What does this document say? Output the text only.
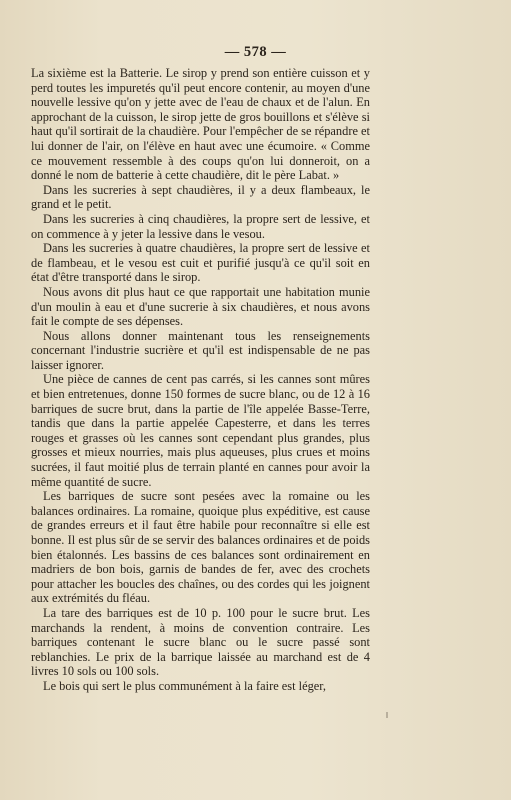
— 578 —

La sixième est la Batterie. Le sirop y prend son entière cuisson et y perd toutes les impuretés qu'il peut encore contenir, au moyen d'une nouvelle lessive qu'on y jette avec de l'eau de chaux et de l'alun. En approchant de la cuisson, le sirop jette de gros bouillons et s'élève si haut qu'il sortirait de la chaudière. Pour l'empêcher de se répandre et lui donner de l'air, on l'élève en haut avec une écumoire. « Comme ce mouvement ressemble à des coups qu'on lui donneroit, on a donné le nom de batterie à cette chaudière, dit le père Labat. »

Dans les sucreries à sept chaudières, il y a deux flambeaux, le grand et le petit.

Dans les sucreries à cinq chaudières, la propre sert de lessive, et on commence à y jeter la lessive dans le vesou.

Dans les sucreries à quatre chaudières, la propre sert de lessive et de flambeau, et le vesou est cuit et purifié jusqu'à ce qu'il soit en état d'être transporté dans le sirop.

Nous avons dit plus haut ce que rapportait une habitation munie d'un moulin à eau et d'une sucrerie à six chaudières, et nous avons fait le compte de ses dépenses.

Nous allons donner maintenant tous les renseignements concernant l'industrie sucrière et qu'il est indispensable de ne pas laisser ignorer.

Une pièce de cannes de cent pas carrés, si les cannes sont mûres et bien entretenues, donne 150 formes de sucre blanc, ou de 12 à 16 barriques de sucre brut, dans la partie de l'île appelée Basse-Terre, tandis que dans la partie appelée Capesterre, et dans les terres rouges et grasses où les cannes sont cependant plus grandes, plus grosses et mieux nourries, mais plus aqueuses, plus crues et moins sucrées, il faut moitié plus de terrain planté en cannes pour avoir la même quantité de sucre.

Les barriques de sucre sont pesées avec la romaine ou les balances ordinaires. La romaine, quoique plus expéditive, est cause de grandes erreurs et il faut être habile pour reconnaître si elle est bonne. Il est plus sûr de se servir des balances ordinaires et de poids bien étalonnés. Les bassins de ces balances sont ordinairement en madriers de bon bois, garnis de bandes de fer, avec des crochets pour attacher les boucles des chaînes, ou des cordes qui les joignent aux extrémités du fléau.

La tare des barriques est de 10 p. 100 pour le sucre brut. Les marchands la rendent, à moins de convention contraire. Les barriques contenant le sucre blanc ou le sucre passé sont reblanchies. Le prix de la barrique laissée au marchand est de 4 livres 10 sols ou 100 sols.

Le bois qui sert le plus communément à la faire est léger,
